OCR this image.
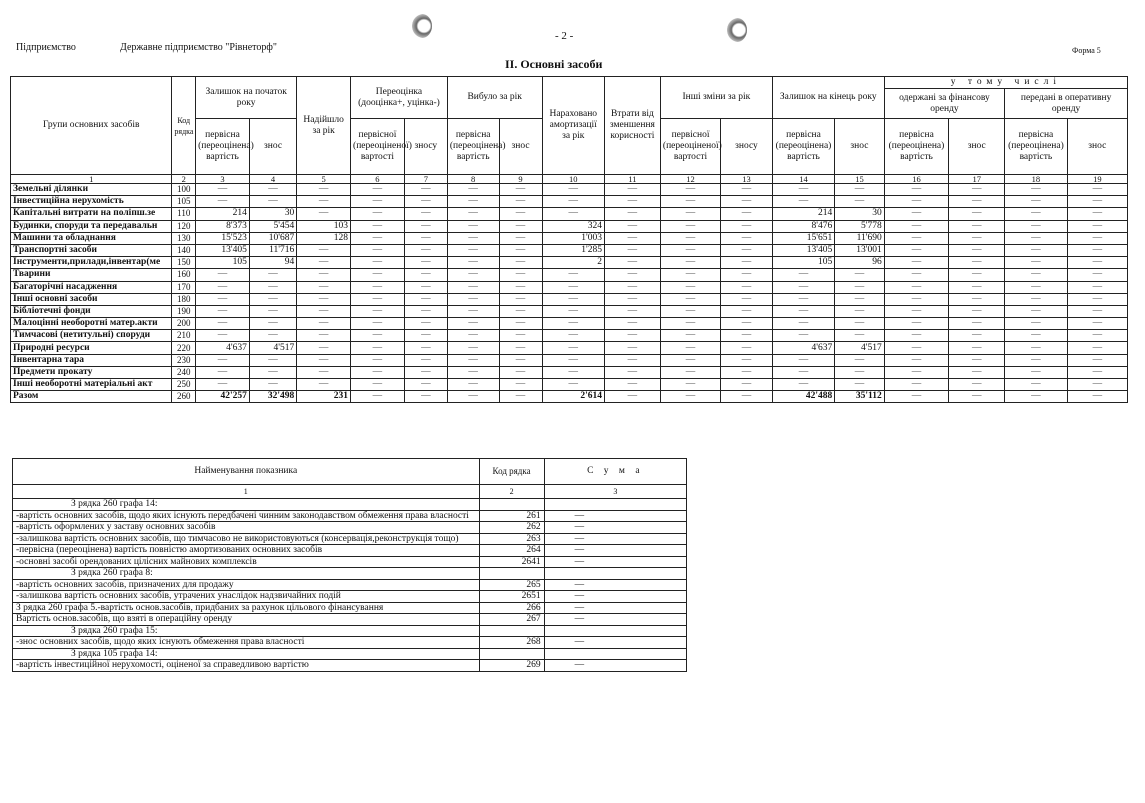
- 2 -
Підприємство	Державне підприємство "Рівнеторф"	Форма 5
ІІ. Основні засоби
Групи основних засобів	Код рядка	Залишок на початок року		Надійшло за рік	Переоцінка (дооцінка+, уцінка-)		Вибуло за рік		Нараховано амортизації за рік	Втрати від зменшення корисності	Інші зміни за рік		Залишок на кінець року		у тому числі			
															одержані за фінансову оренду		передані в оперативну оренду	
		первісна (переоцінена) вартість	знос		первісної (переоціненої) вартості	зносу	первісна (переоцінена) вартість	знос			первісної (переоціненої) вартості	зносу	первісна (переоцінена) вартість	знос	первісна (переоцінена) вартість	знос	первісна (переоцінена) вартість	знос
1	2	3	4	5	6	7	8	9	10	11	12	13	14	15	16	17	18	19
Земельні ділянки	100	—	—	—	—	—	—	—	—	—	—	—	—	—	—	—	—	—
Інвестиційна нерухомість	105	—	—	—	—	—	—	—	—	—	—	—	—	—	—	—	—	—
Капітальні витрати на поліпш.зе	110	214	30	—	—	—	—	—	—	—	—	—	214	30	—	—	—	—
Будинки, споруди та передавальн	120	8'373	5'454	103	—	—	—	—	324	—	—	—	8'476	5'778	—	—	—	—
Машини та обладнання	130	15'523	10'687	128	—	—	—	—	1'003	—	—	—	15'651	11'690	—	—	—	—
Транспортні засоби	140	13'405	11'716	—	—	—	—	—	1'285	—	—	—	13'405	13'001	—	—	—	—
Інструменти,прилади,інвентар(ме	150	105	94	—	—	—	—	—	2	—	—	—	105	96	—	—	—	—
Тварини	160	—	—	—	—	—	—	—	—	—	—	—	—	—	—	—	—	—
Багаторічні насадження	170	—	—	—	—	—	—	—	—	—	—	—	—	—	—	—	—	—
Інші основні засоби	180	—	—	—	—	—	—	—	—	—	—	—	—	—	—	—	—	—
Бібліотечні фонди	190	—	—	—	—	—	—	—	—	—	—	—	—	—	—	—	—	—
Малоцінні необоротні матер.акти	200	—	—	—	—	—	—	—	—	—	—	—	—	—	—	—	—	—
Тимчасові (нетитульні) споруди	210	—	—	—	—	—	—	—	—	—	—	—	—	—	—	—	—	—
Природні ресурси	220	4'637	4'517	—	—	—	—	—	—	—	—	—	4'637	4'517	—	—	—	—
Інвентарна тара	230	—	—	—	—	—	—	—	—	—	—	—	—	—	—	—	—	—
Предмети прокату	240	—	—	—	—	—	—	—	—	—	—	—	—	—	—	—	—	—
Інші необоротні матеріальні акт	250	—	—	—	—	—	—	—	—	—	—	—	—	—	—	—	—	—
Разом	260	42'257	32'498	231	—	—	—	—	2'614	—	—	—	42'488	35'112	—	—	—	—
Найменування показника	Код рядка	С у м а
1	2	3
З рядка 260 графа 14:		
-вартість основних засобів, щодо яких існують передбачені чинним законодавством обмеження права власності	261	—
-вартість оформлених у заставу основних засобів	262	—
-залишкова вартість основних засобів, що тимчасово не використовуються (консервація,реконструкція тощо)	263	—
-первісна (переоцінена) вартість повністю амортизованих основних засобів	264	—
-основні засобі орендованих цілісних майнових комплексів	2641	—
З рядка 260 графа 8:		
-вартість основних засобів, призначених для продажу	265	—
-залишкова вартість основних засобів, утрачених унаслідок надзвичайних подій	2651	—
З рядка 260 графа 5.-вартість основ.засобів, придбаних за рахунок цільового фінансування	266	—
Вартість основ.засобів, що взяті в операційну оренду	267	—
З рядка 260 графа 15:		
-знос основних засобів, щодо яких існують обмеження права власності	268	—
З рядка 105 графа 14:		
-вартість інвестиційної нерухомості, оціненої за справедливою вартістю	269	—
